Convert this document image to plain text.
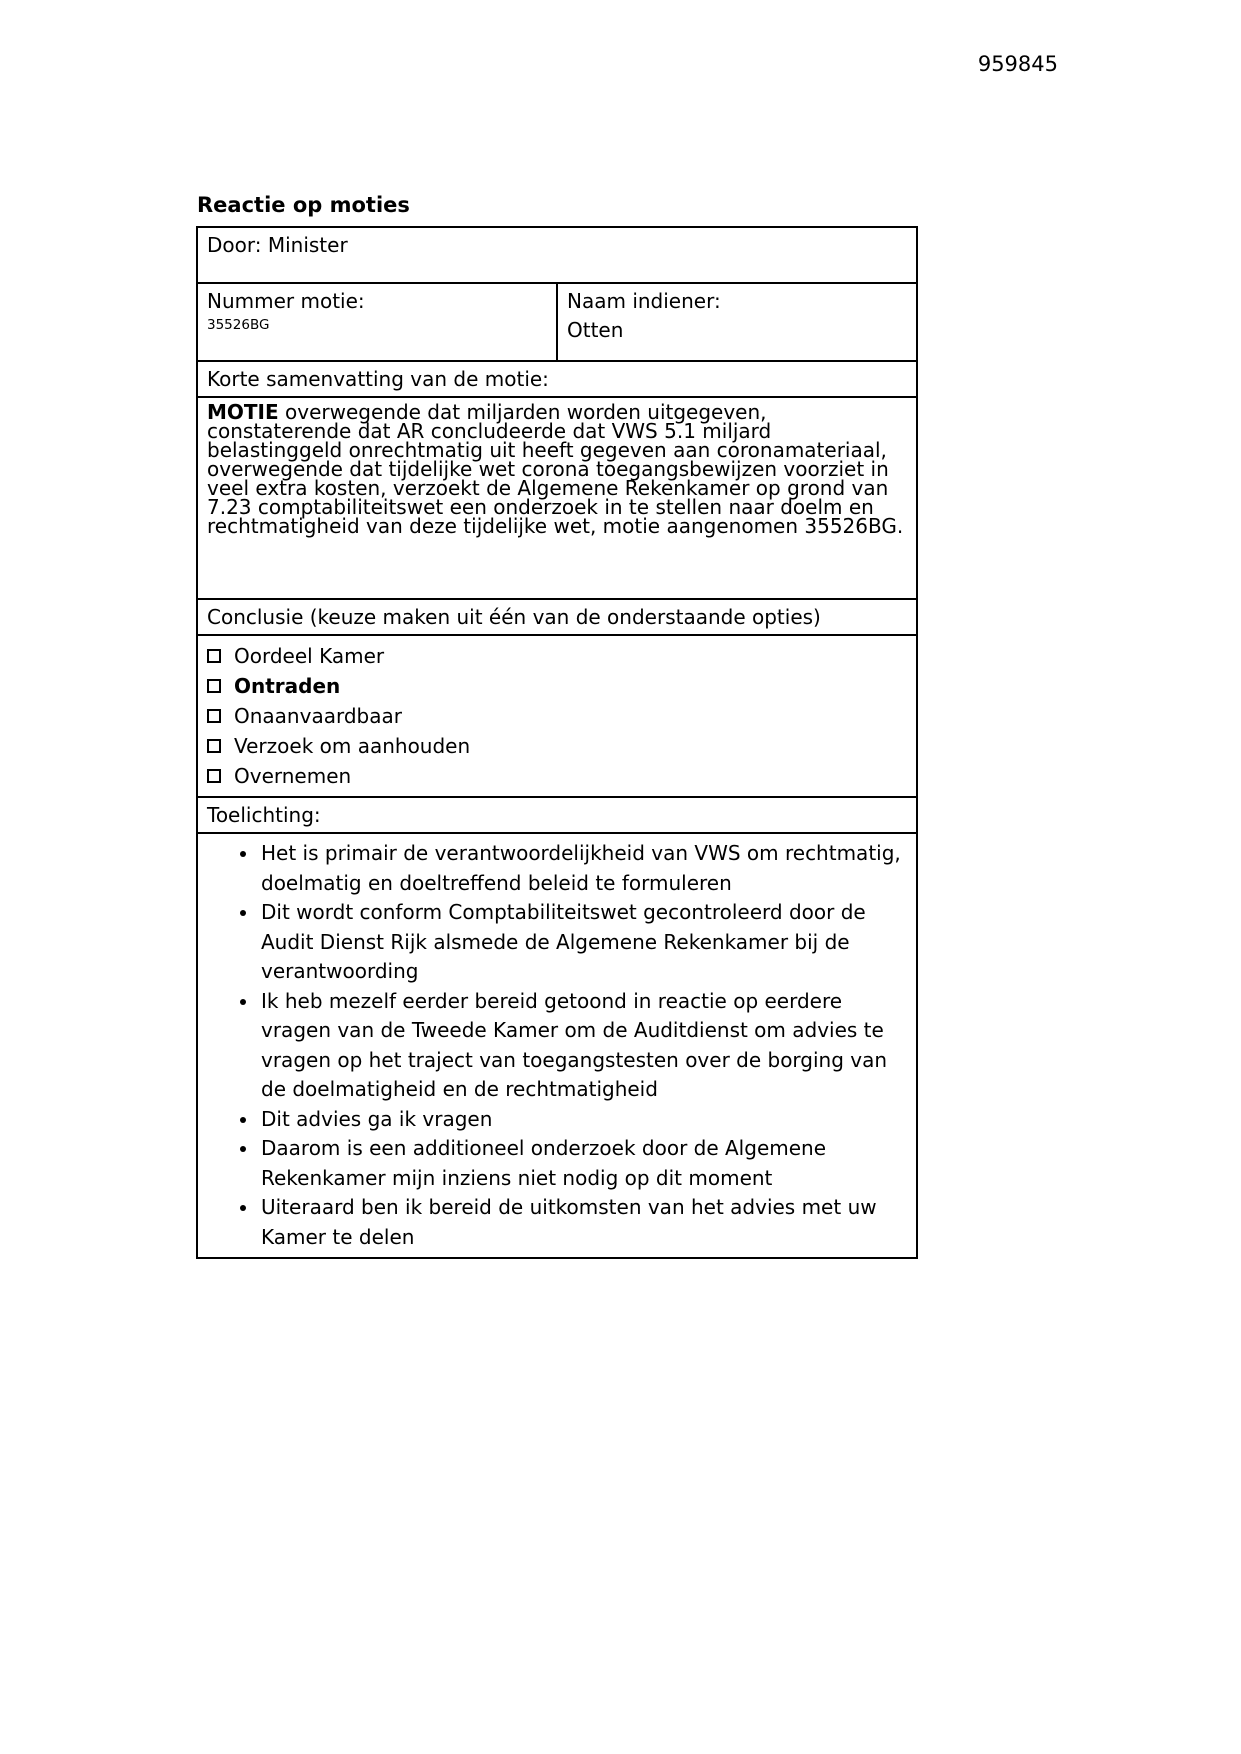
959845
Reactie op moties
Door: Minister

Nummer motie:
35526BG

Naam indiener:
Otten

Korte samenvatting van de motie:
MOTIE overwegende dat miljarden worden uitgegeven, constaterende dat AR concludeerde dat VWS 5.1 miljard belastinggeld onrechtmatig uit heeft gegeven aan coronamateriaal, overwegende dat tijdelijke wet corona toegangsbewijzen voorziet in veel extra kosten, verzoekt de Algemene Rekenkamer op grond van 7.23 comptabiliteitswet een onderzoek in te stellen naar doelm en rechtmatigheid van deze tijdelijke wet, motie aangenomen 35526BG.
Conclusie (keuze maken uit één van de onderstaande opties)

Oordeel Kamer
Ontraden
Onaanvaardbaar
Verzoek om aanhouden
Overnemen

Toelichting:

• Het is primair de verantwoordelijkheid van VWS om rechtmatig, doelmatig en doeltreffend beleid te formuleren
• Dit wordt conform Comptabiliteitswet gecontroleerd door de Audit Dienst Rijk alsmede de Algemene Rekenkamer bij de verantwoording
• Ik heb mezelf eerder bereid getoond in reactie op eerdere vragen van de Tweede Kamer om de Auditdienst om advies te vragen op het traject van toegangstesten over de borging van de doelmatigheid en de rechtmatigheid
• Dit advies ga ik vragen
• Daarom is een additioneel onderzoek door de Algemene Rekenkamer mijn inziens niet nodig op dit moment
• Uiteraard ben ik bereid de uitkomsten van het advies met uw Kamer te delen
